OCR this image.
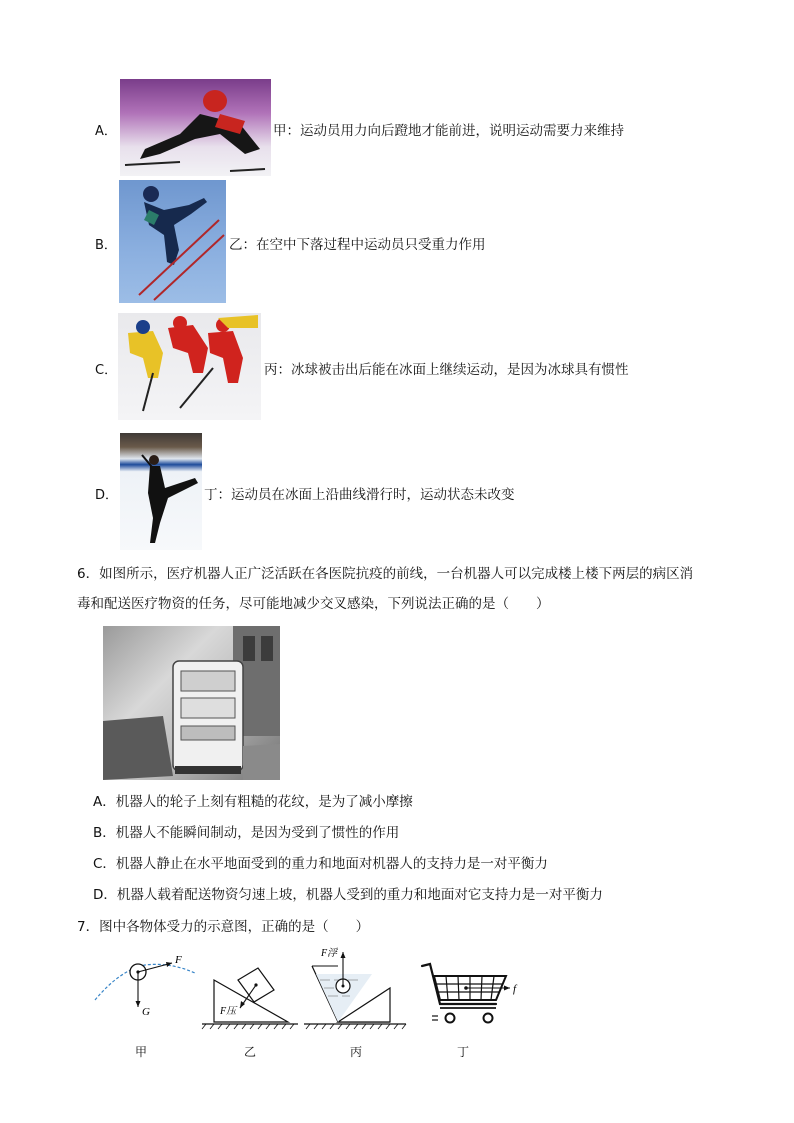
A．	甲：运动员用力向后蹬地才能前进，说明运动需要力来维持
B．	乙：在空中下落过程中运动员只受重力作用
C．	丙：冰球被击出后能在冰面上继续运动，是因为冰球具有惯性
D．	丁：运动员在冰面上沿曲线滑行时，运动状态未改变
6．如图所示，医疗机器人正广泛活跃在各医院抗疫的前线，一台机器人可以完成楼上楼下两层的病区消
毒和配送医疗物资的任务，尽可能地减少交叉感染，下列说法正确的是（　　）
A．机器人的轮子上刻有粗糙的花纹，是为了减小摩擦
B．机器人不能瞬间制动，是因为受到了惯性的作用
C．机器人静止在水平地面受到的重力和地面对机器人的支持力是一对平衡力
D．机器人载着配送物资匀速上坡，机器人受到的重力和地面对它支持力是一对平衡力
7．图中各物体受力的示意图，正确的是（　　）
F
G
甲
F压
乙
F浮
丙
f
丁
